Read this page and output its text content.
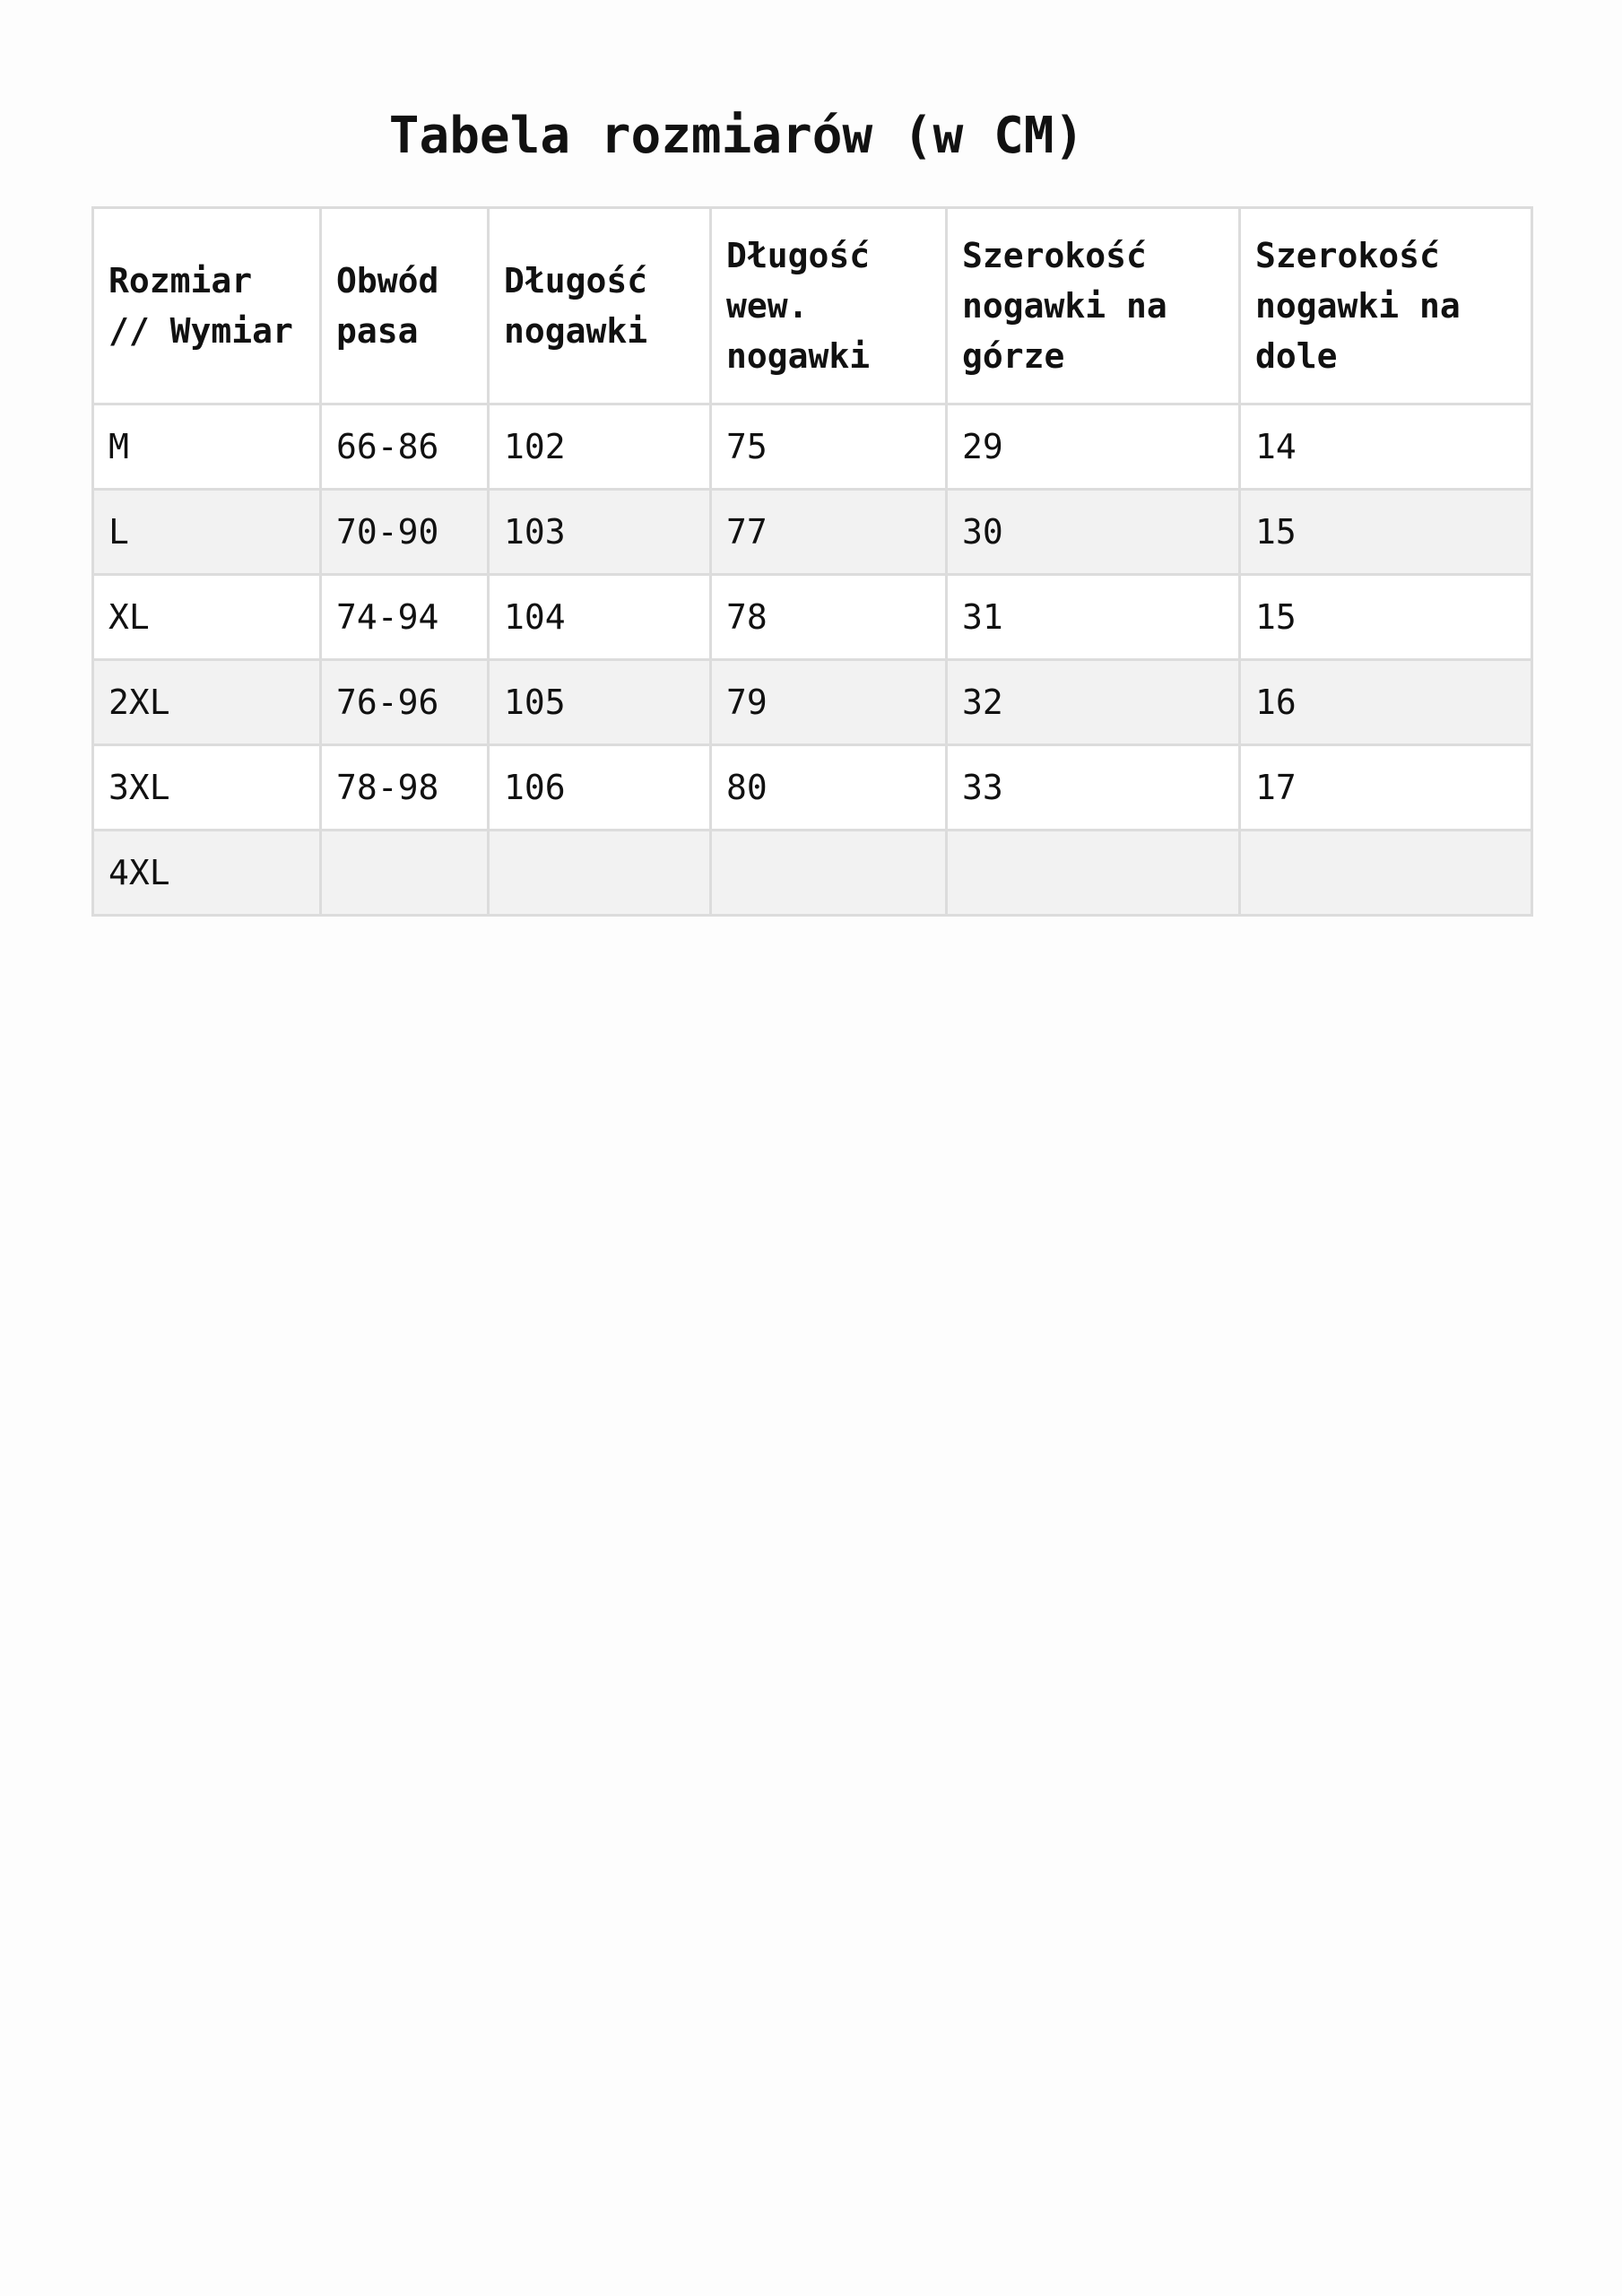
Tabela rozmiarów (w CM)
Rozmiar // Wymiar	Obwód pasa	Długość nogawki	Długość wew. nogawki	Szerokość nogawki na górze	Szerokość nogawki na dole
M	66-86	102	75	29	14
L	70-90	103	77	30	15
XL	74-94	104	78	31	15
2XL	76-96	105	79	32	16
3XL	78-98	106	80	33	17
4XL					
